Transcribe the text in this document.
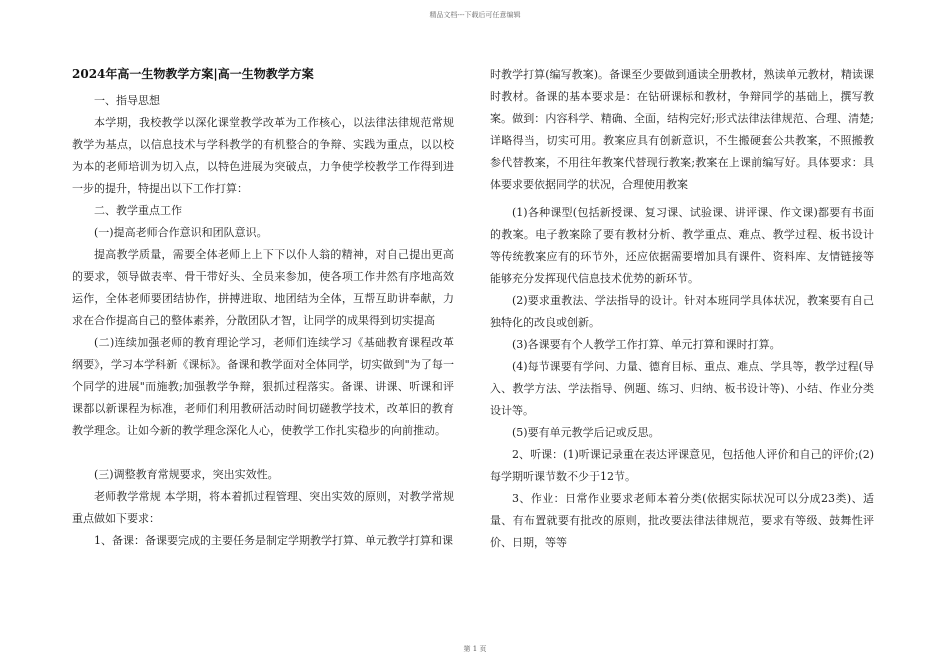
精品文档---下载后可任意编辑
2024年高一生物教学方案|高一生物教学方案

一、指导思想

本学期，我校教学以深化课堂教学改革为工作核心，以法律法律规范常规教学为基点，以信息技术与学科教学的有机整合的争辩、实践为重点，以以校为本的老师培训为切入点，以特色进展为突破点，力争使学校教学工作得到进一步的提升，特提出以下工作打算：

二、教学重点工作

(一)提高老师合作意识和团队意识。

提高教学质量，需要全体老师上上下下以仆人翁的精神，对自己提出更高的要求，领导做表率、骨干带好头、全员来参加，使各项工作井然有序地高效运作，全体老师要团结协作，拼搏进取、地团结为全体，互帮互助讲奉献，力求在合作提高自己的整体素养，分散团队才智，让同学的成果得到切实提高

(二)连续加强老师的教育理论学习，老师们连续学习《基础教育课程改革纲要》，学习本学科新《课标》。备课和教学面对全体同学，切实做到"为了每一个同学的进展"而施教;加强教学争辩，狠抓过程落实。备课、讲课、听课和评课都以新课程为标准，老师们利用教研活动时间切磋教学技术，改革旧的教育教学理念。让如今新的教学理念深化人心，使教学工作扎实稳步的向前推动。

(三)调整教育常规要求，突出实效性。

老师教学常规 本学期，将本着抓过程管理、突出实效的原则，对教学常规重点做如下要求：

1、备课：备课要完成的主要任务是制定学期教学打算、单元教学打算和课

时教学打算(编写教案)。备课至少要做到通读全册教材，熟读单元教材，精读课时教材。备课的基本要求是：在钻研课标和教材，争辩同学的基础上，撰写教案。做到：内容科学、精确、全面，结构完好;形式法律法律规范、合理、清楚;详略得当，切实可用。教案应具有创新意识，不生搬硬套公共教案，不照搬教参代替教案，不用往年教案代替现行教案;教案在上课前编写好。具体要求：具体要求要依据同学的状况，合理使用教案

(1)各种课型(包括新授课、复习课、试验课、讲评课、作文课)都要有书面的教案。电子教案除了要有教材分析、教学重点、难点、教学过程、板书设计等传统教案应有的环节外，还应依据需要增加具有课件、资料库、友情链接等能够充分发挥现代信息技术优势的新环节。

(2)要求重教法、学法指导的设计。针对本班同学具体状况，教案要有自己独特化的改良或创新。

(3)各课要有个人教学工作打算、单元打算和课时打算。

(4)每节课要有学问、力量、德育目标、重点、难点、学具等，教学过程(导入、教学方法、学法指导、例题、练习、归纳、板书设计等)、小结、作业分类设计等。

(5)要有单元教学后记或反思。

2、听课：(1)听课记录重在表达评课意见，包括他人评价和自己的评价;(2)每学期听课节数不少于12节。

3、作业：日常作业要求老师本着分类(依据实际状况可以分成23类)、适量、有布置就要有批改的原则，批改要法律法律规范，要求有等级、鼓舞性评价、日期，等等

第 1 页
